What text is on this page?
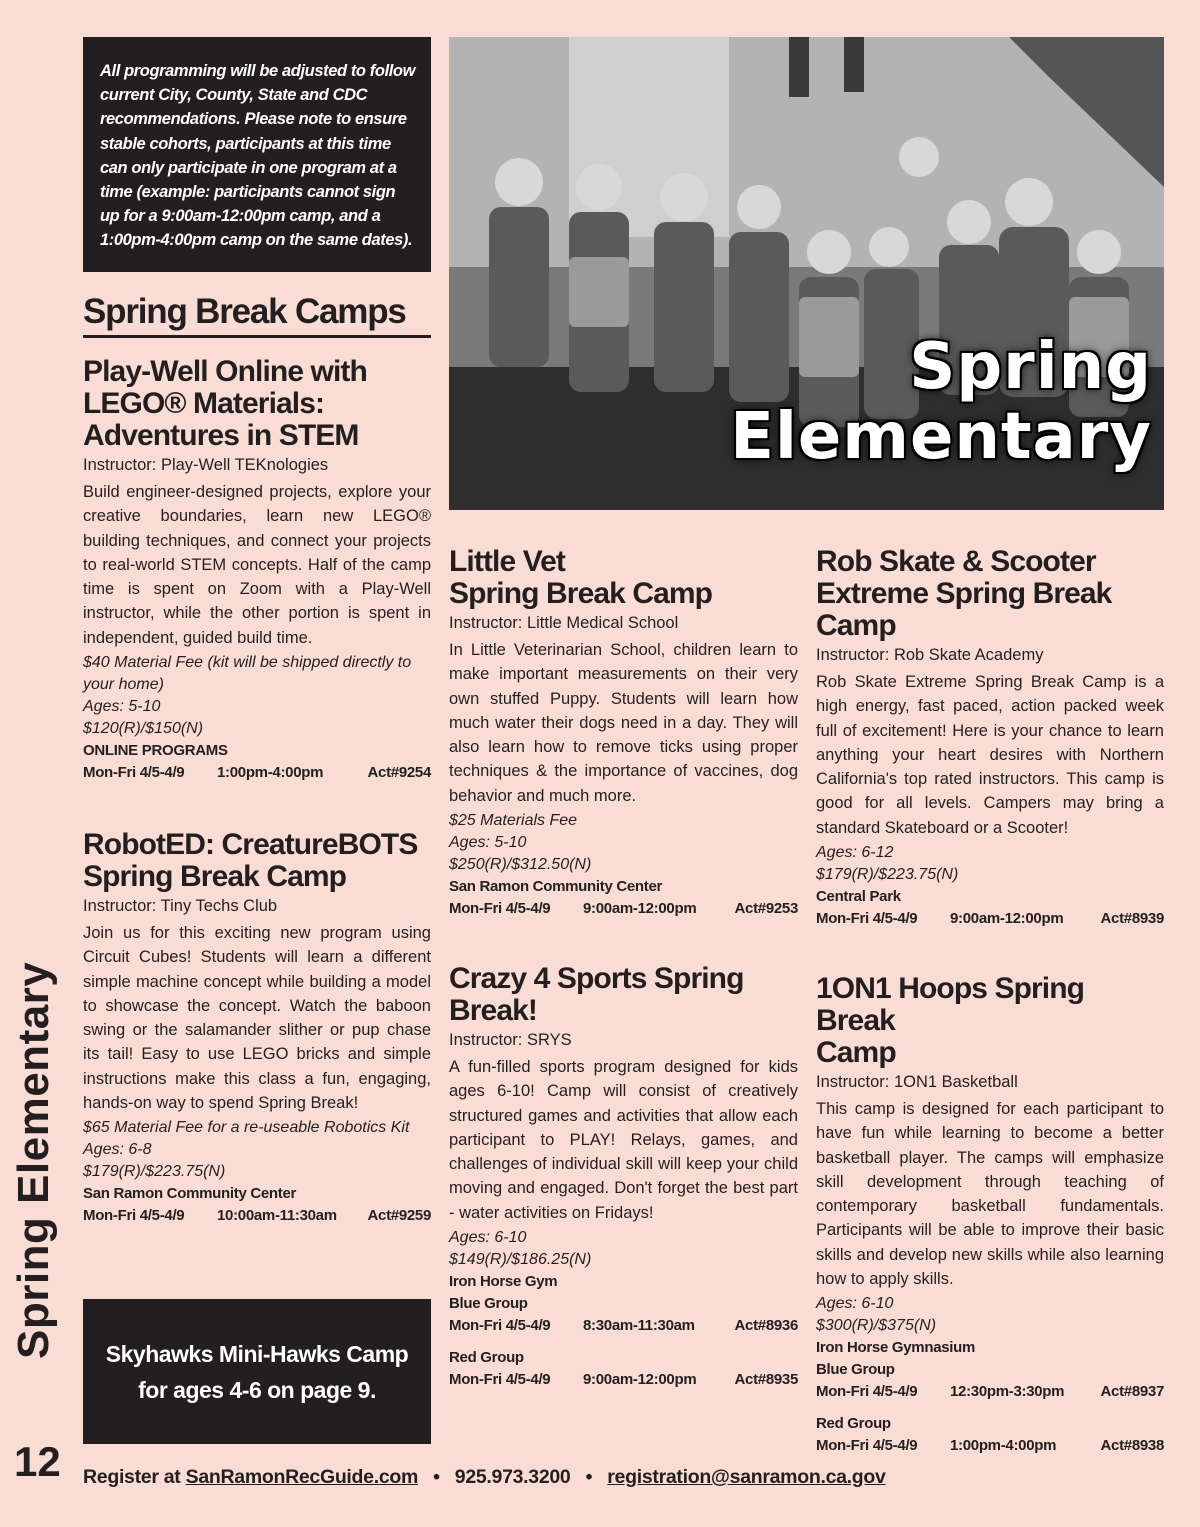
All programming will be adjusted to follow current City, County, State and CDC recommendations. Please note to ensure stable cohorts, participants at this time can only participate in one program at a time (example: participants cannot sign up for a 9:00am-12:00pm camp, and a 1:00pm-4:00pm camp on the same dates).
Spring Break Camps
Spring
Elementary
Play-Well Online with
LEGO® Materials:
Adventures in STEM
Instructor: Play-Well TEKnologies

Build engineer-designed projects, explore your creative boundaries, learn new LEGO® building techniques, and connect your projects to real-world STEM concepts. Half of the camp time is spent on Zoom with a Play-Well instructor, while the other portion is spent in independent, guided build time.

$40 Material Fee (kit will be shipped directly to your home)
Ages: 5-10
$120(R)/$150(N)
ONLINE PROGRAMS
Mon-Fri 4/5-4/9	1:00pm-4:00pm	Act#9254
RobotED: CreatureBOTS
Spring Break Camp
Instructor: Tiny Techs Club

Join us for this exciting new program using Circuit Cubes! Students will learn a different simple machine concept while building a model to showcase the concept. Watch the baboon swing or the salamander slither or pup chase its tail! Easy to use LEGO bricks and simple instructions make this class a fun, engaging, hands-on way to spend Spring Break!

$65 Material Fee for a re-useable Robotics Kit
Ages: 6-8
$179(R)/$223.75(N)
San Ramon Community Center
Mon-Fri 4/5-4/9	10:00am-11:30am	Act#9259
Little Vet
Spring Break Camp
Instructor: Little Medical School

In Little Veterinarian School, children learn to make important measurements on their very own stuffed Puppy. Students will learn how much water their dogs need in a day. They will also learn how to remove ticks using proper techniques & the importance of vaccines, dog behavior and much more.

$25 Materials Fee
Ages: 5-10
$250(R)/$312.50(N)
San Ramon Community Center
Mon-Fri 4/5-4/9	9:00am-12:00pm	Act#9253
Crazy 4 Sports Spring
Break!
Instructor: SRYS

A fun-filled sports program designed for kids ages 6-10! Camp will consist of creatively structured games and activities that allow each participant to PLAY! Relays, games, and challenges of individual skill will keep your child moving and engaged. Don't forget the best part - water activities on Fridays!

Ages: 6-10
$149(R)/$186.25(N)
Iron Horse Gym
Blue Group
Mon-Fri 4/5-4/9	8:30am-11:30am	Act#8936
Red Group
Mon-Fri 4/5-4/9	9:00am-12:00pm	Act#8935
Rob Skate & Scooter
Extreme Spring Break
Camp
Instructor: Rob Skate Academy

Rob Skate Extreme Spring Break Camp is a high energy, fast paced, action packed week full of excitement! Here is your chance to learn anything your heart desires with Northern California's top rated instructors. This camp is good for all levels. Campers may bring a standard Skateboard or a Scooter!

Ages: 6-12
$179(R)/$223.75(N)
Central Park
Mon-Fri 4/5-4/9	9:00am-12:00pm	Act#8939
1ON1 Hoops Spring Break
Camp
Instructor: 1ON1 Basketball

This camp is designed for each participant to have fun while learning to become a better basketball player. The camps will emphasize skill development through teaching of contemporary basketball fundamentals. Participants will be able to improve their basic skills and develop new skills while also learning how to apply skills.

Ages: 6-10
$300(R)/$375(N)
Iron Horse Gymnasium
Blue Group
Mon-Fri 4/5-4/9	12:30pm-3:30pm	Act#8937
Red Group
Mon-Fri 4/5-4/9	1:00pm-4:00pm	Act#8938
Skyhawks Mini-Hawks Camp
for ages 4-6 on page 9.
Spring Elementary
12 Register at SanRamonRecGuide.com • 925.973.3200 • registration@sanramon.ca.gov
